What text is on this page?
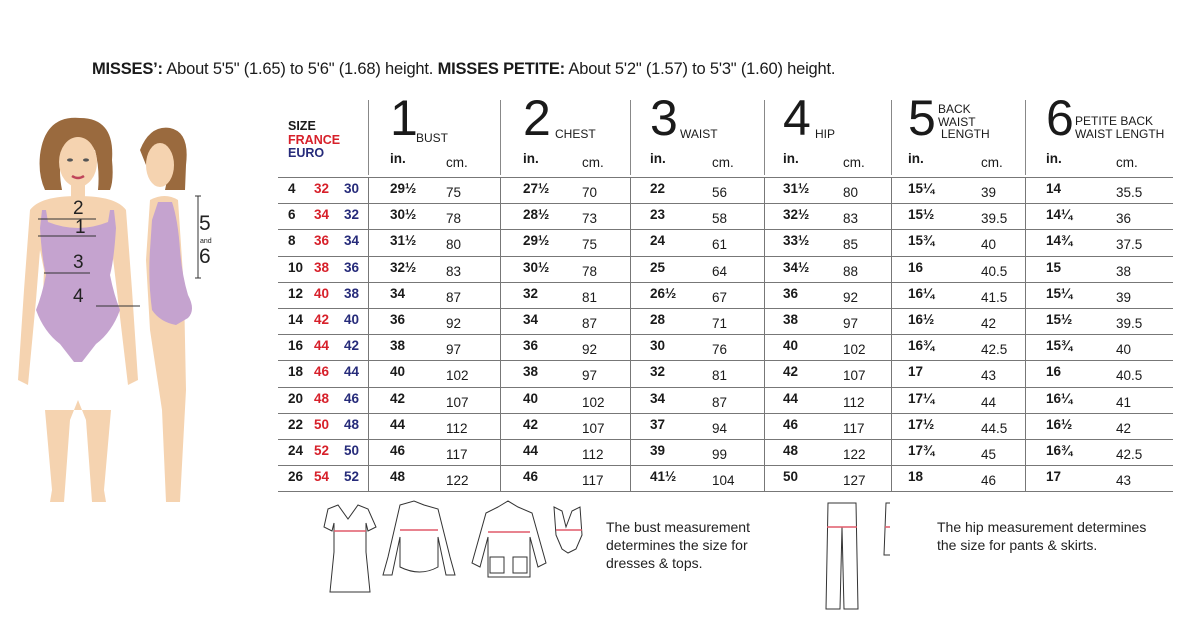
MISSES’: About 5'5" (1.65) to 5'6" (1.68) height. MISSES PETITE: About 5'2" (1.57) to 5'3" (1.60) height.
2
1
3
4
5
and
6
SIZE
FRANCE
EURO
1
BUST
in.	cm.
2 CHEST
in.	cm.
3 WAIST
in.	cm.
4 HIP
in.	cm.
5 BACK
WAIST
LENGTH
in.	cm.
6 PETITE BACK
WAIST LENGTH
in.	cm.
4 32 30 29½ 75	27½ 70	22	56	31½ 80	15¼	39	14	35.5
6 34 32 30½ 78	28½ 73	23	58	32½ 83	15½	39.5	14¼	36
8 36 34 31½ 80	29½ 75	24	61	33½ 85	15¾	40	14¾	37.5
10 38 36 32½ 83	30½ 78	25	64	34½ 88	16	40.5	15	38
12 40 38 34	87	32	81	26½	67	36	92	16¼	41.5	15¼	39
14 42 40 36	92	34	87	28	71	38	97	16½	42	15½	39.5
16 44 42 38	97	36	92	30	76	40	102	16¾	42.5	15¾	40
18 46 44 40	102	38	97	32	81	42	107	17	43	16	40.5
20 48 46 42	107	40	102	34	87	44	112	17¼	44	16¼	41
22 50 48 44	112	42	107	37	94	46	117	17½	44.5	16½	42
24 52 50 46	117	44	112	39	99	48	122	17¾	45	16¾	42.5
26 54 52 48	122	46	117	41½	104	50	127	18	46	17	43
The bust measurement
determines the size for
dresses & tops.
The hip measurement determines
the size for pants & skirts.
